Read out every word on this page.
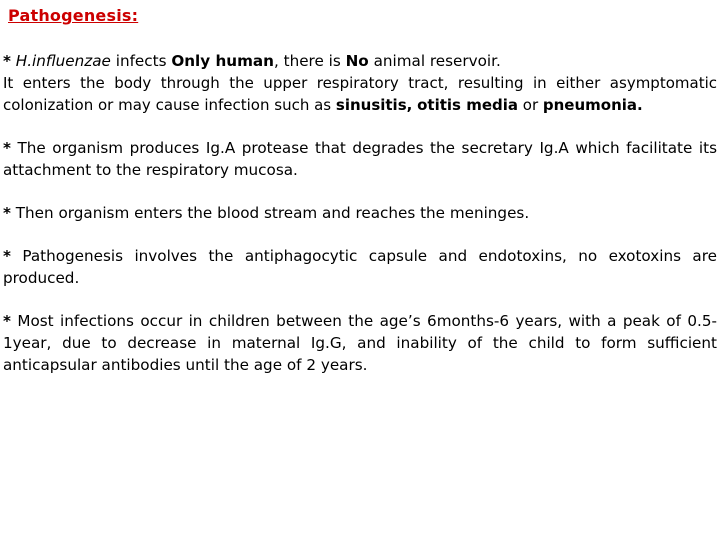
Pathogenesis:
* H.influenzae infects Only human, there is No animal reservoir.
It enters the body through the upper respiratory tract, resulting in either asymptomatic colonization or may cause infection such as sinusitis, otitis media or pneumonia.
* The organism produces Ig.A protease that degrades the secretary Ig.A which facilitate its attachment to the respiratory mucosa.
* Then organism enters the blood stream and reaches the meninges.
* Pathogenesis involves the antiphagocytic capsule and endotoxins, no exotoxins are produced.
* Most infections occur in children between the age’s 6months-6 years, with a peak of 0.5-1year, due to decrease in maternal Ig.G, and inability of the child to form sufficient anticapsular antibodies until the age of 2 years.
